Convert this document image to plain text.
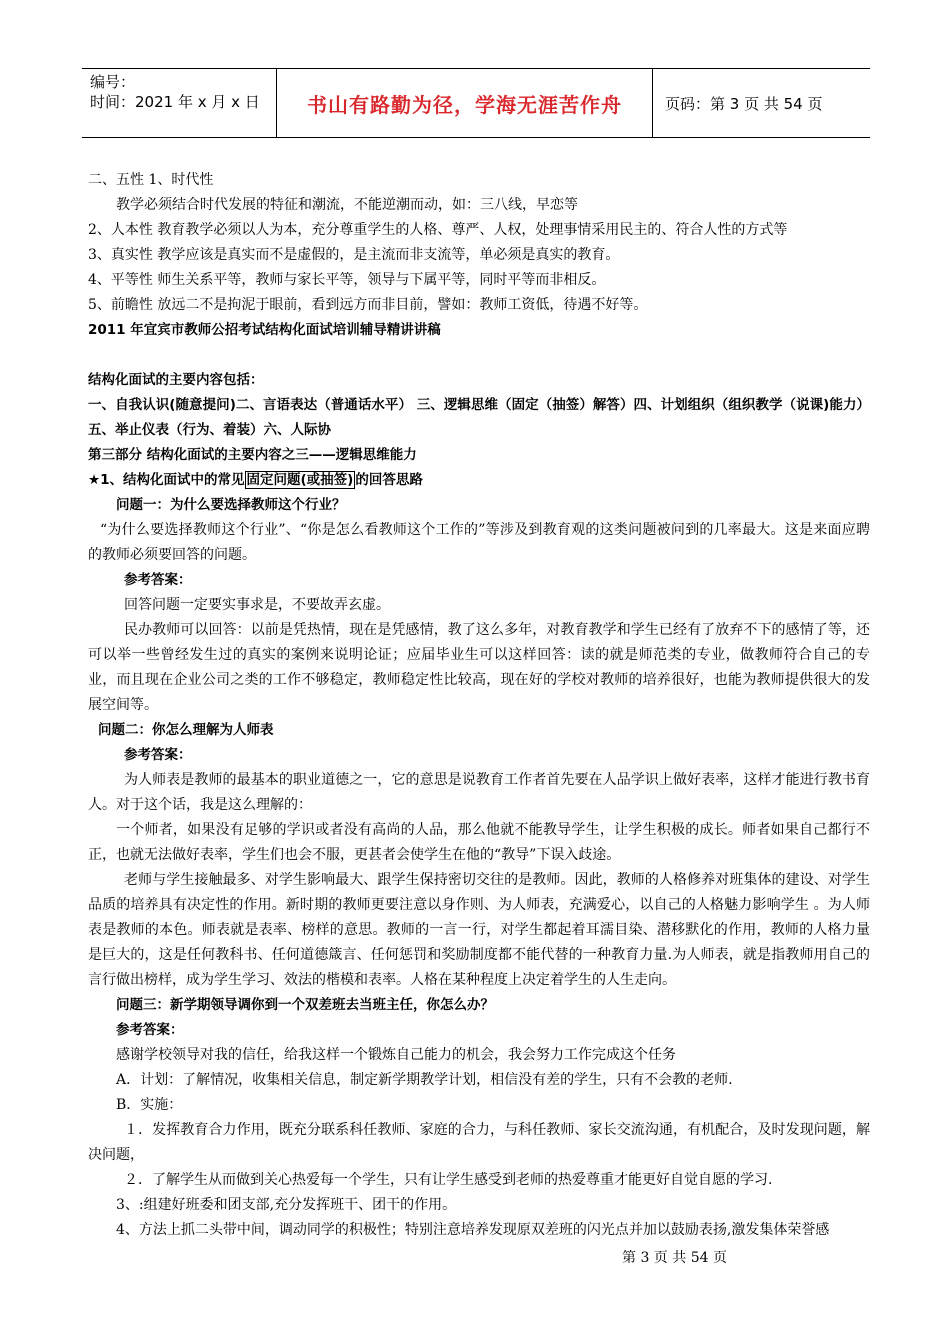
编号：
时间：2021 年 x 月 x 日	书山有路勤为径，学海无涯苦作舟	页码：第 3 页 共 54 页

二、五性 1、时代性

教学必须结合时代发展的特征和潮流，不能逆潮而动，如：三八线，早恋等

2、人本性 教育教学必须以人为本，充分尊重学生的人格、尊严、人权，处理事情采用民主的、符合人性的方式等

3、真实性 教学应该是真实而不是虚假的，是主流而非支流等，单必须是真实的教育。

4、平等性 师生关系平等，教师与家长平等，领导与下属平等，同时平等而非相反。

5、前瞻性 放远二不是拘泥于眼前，看到远方而非目前，譬如：教师工资低，待遇不好等。

2011 年宜宾市教师公招考试结构化面试培训辅导精讲讲稿

结构化面试的主要内容包括：

一、自我认识(随意提问)二、言语表达（普通话水平） 三、逻辑思维（固定（抽签）解答）四、计划组织（组织教学（说课)能力）五、举止仪表（行为、着装）六、人际协

第三部分 结构化面试的主要内容之三——逻辑思维能力

★1、结构化面试中的常见 固定问题(或抽签) 的回答思路

问题一：为什么要选择教师这个行业？

“为什么要选择教师这个行业”、“你是怎么看教师这个工作的”等涉及到教育观的这类问题被问到的几率最大。这是来面应聘的教师必须要回答的问题。

参考答案：

回答问题一定要实事求是，不要故弄玄虚。

民办教师可以回答：以前是凭热情，现在是凭感情，教了这么多年，对教育教学和学生已经有了放弃不下的感情了等，还可以举一些曾经发生过的真实的案例来说明论证；应届毕业生可以这样回答：读的就是师范类的专业，做教师符合自己的专业，而且现在企业公司之类的工作不够稳定，教师稳定性比较高，现在好的学校对教师的培养很好，也能为教师提供很大的发展空间等。

问题二：你怎么理解为人师表

参考答案：

为人师表是教师的最基本的职业道德之一，它的意思是说教育工作者首先要在人品学识上做好表率，这样才能进行教书育人。对于这个话，我是这么理解的：

一个师者，如果没有足够的学识或者没有高尚的人品，那么他就不能教导学生，让学生积极的成长。师者如果自己都行不正，也就无法做好表率，学生们也会不服，更甚者会使学生在他的“教导”下误入歧途。

老师与学生接触最多、对学生影响最大、跟学生保持密切交往的是教师。因此，教师的人格修养对班集体的建设、对学生品质的培养具有决定性的作用。新时期的教师更要注意以身作则、为人师表，充满爱心，以自己的人格魅力影响学生 。为人师表是教师的本色。师表就是表率、榜样的意思。教师的一言一行，对学生都起着耳濡目染、潜移默化的作用，教师的人格力量是巨大的，这是任何教科书、任何道德箴言、任何惩罚和奖励制度都不能代替的一种教育力量.为人师表，就是指教师用自己的言行做出榜样，成为学生学习、效法的楷模和表率。人格在某种程度上决定着学生的人生走向。

问题三：新学期领导调你到一个双差班去当班主任，你怎么办？

参考答案：

感谢学校领导对我的信任，给我这样一个锻炼自己能力的机会，我会努力工作完成这个任务

A．计划：了解情况，收集相关信息，制定新学期教学计划，相信没有差的学生，只有不会教的老师.

B．实施：

１．发挥教育合力作用，既充分联系科任教师、家庭的合力，与科任教师、家长交流沟通，有机配合，及时发现问题，解决问题，

２．了解学生从而做到关心热爱每一个学生，只有让学生感受到老师的热爱尊重才能更好自觉自愿的学习.

3、:组建好班委和团支部,充分发挥班干、团干的作用。

4、方法上抓二头带中间，调动同学的积极性；特别注意培养发现原双差班的闪光点并加以鼓励表扬,激发集体荣誉感

第 3 页 共 54 页
